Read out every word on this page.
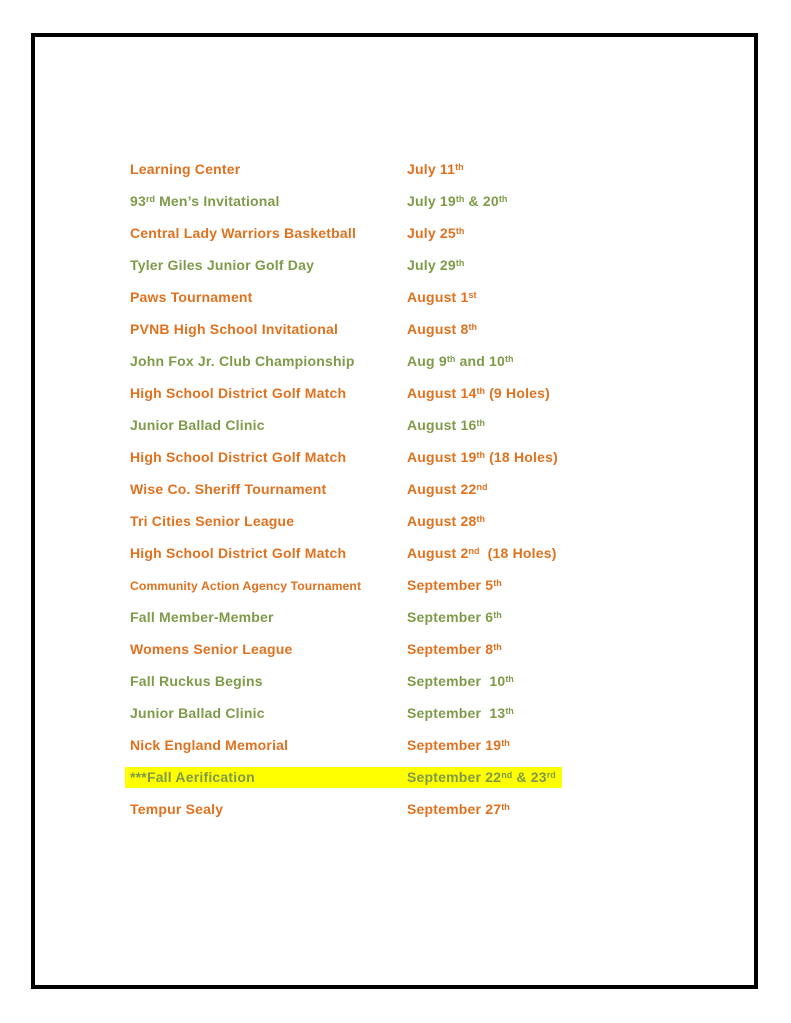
Learning Center	July 11th
93rd Men’s Invitational	July 19th & 20th
Central Lady Warriors Basketball	July 25th
Tyler Giles Junior Golf Day	July 29th
Paws Tournament	August 1st
PVNB High School Invitational	August 8th
John Fox Jr. Club Championship	Aug 9th and 10th
High School District Golf Match	August 14th (9 Holes)
Junior Ballad Clinic	August 16th
High School District Golf Match	August 19th (18 Holes)
Wise Co. Sheriff Tournament	August 22nd
Tri Cities Senior League	August 28th
High School District Golf Match	August 2nd  (18 Holes)
Community Action Agency Tournament	September 5th
Fall Member-Member	September 6th
Womens Senior League	September 8th
Fall Ruckus Begins	September  10th
Junior Ballad Clinic	September  13th
Nick England Memorial	September 19th
***Fall Aerification	September 22nd & 23rd
Tempur Sealy	September 27th
